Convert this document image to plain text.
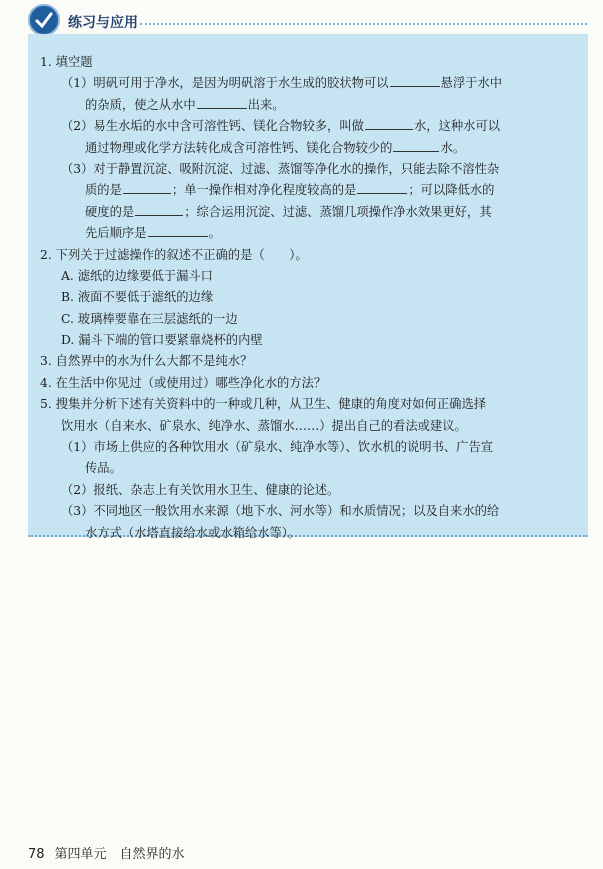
练习与应用
1. 填空题
（1）明矾可用于净水，是因为明矾溶于水生成的胶状物可以	悬浮于水中
的杂质，使之从水中	出来。
（2）易生水垢的水中含可溶性钙、镁化合物较多，叫做	水，这种水可以
通过物理或化学方法转化成含可溶性钙、镁化合物较少的	水。
（3）对于静置沉淀、吸附沉淀、过滤、蒸馏等净化水的操作，只能去除不溶性杂
质的是	；单一操作相对净化程度较高的是	；可以降低水的
硬度的是	；综合运用沉淀、过滤、蒸馏几项操作净水效果更好，其
先后顺序是	。
2. 下列关于过滤操作的叙述不正确的是（　　）。
A. 滤纸的边缘要低于漏斗口
B. 液面不要低于滤纸的边缘
C. 玻璃棒要靠在三层滤纸的一边
D. 漏斗下端的管口要紧靠烧杯的内壁
3. 自然界中的水为什么大都不是纯水？
4. 在生活中你见过（或使用过）哪些净化水的方法？
5. 搜集并分析下述有关资料中的一种或几种，从卫生、健康的角度对如何正确选择
饮用水（自来水、矿泉水、纯净水、蒸馏水……）提出自己的看法或建议。
（1）市场上供应的各种饮用水（矿泉水、纯净水等）、饮水机的说明书、广告宣
传品。
（2）报纸、杂志上有关饮用水卫生、健康的论述。
（3）不同地区一般饮用水来源（地下水、河水等）和水质情况；以及自来水的给
水方式（水塔直接给水或水箱给水等）。
78 第四单元　自然界的水
